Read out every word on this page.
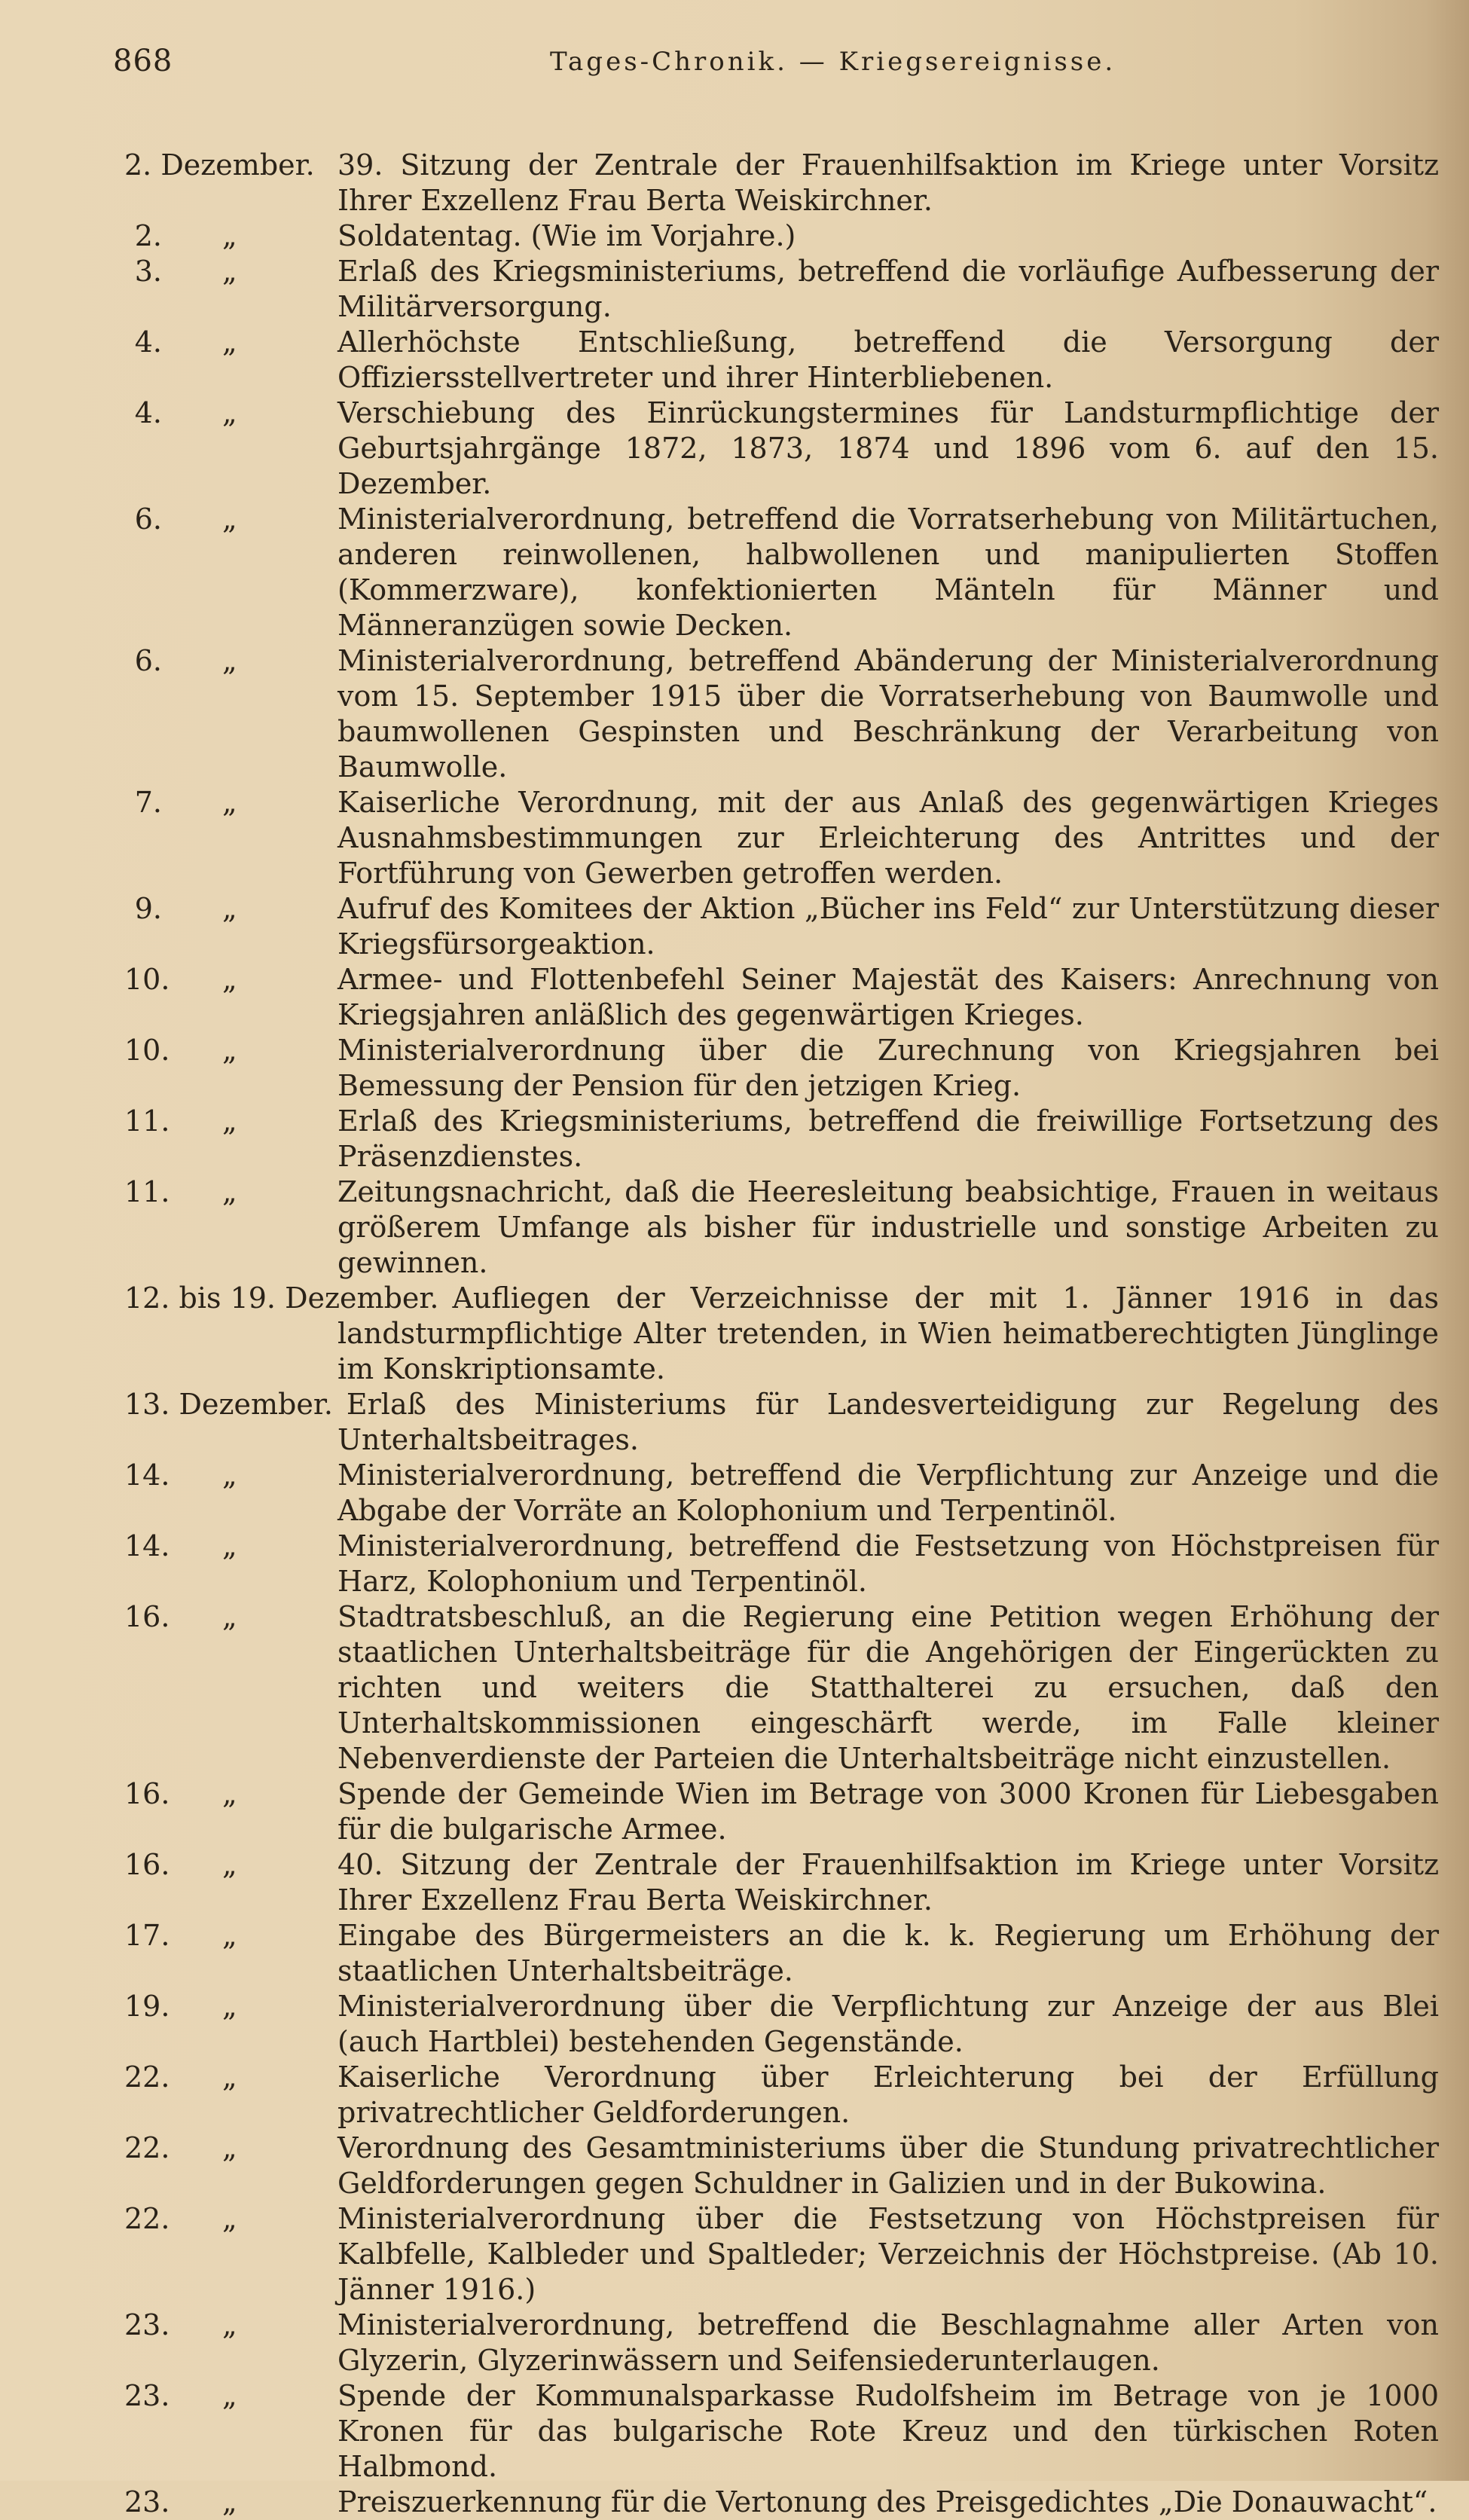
868	Tages-Chronik. — Kriegsereignisse.
2. Dezember. 39. Sitzung der Zentrale der Frauenhilfsaktion im Kriege unter Vorsitz Ihrer Exzellenz Frau Berta Weiskirchner.
2. „	Soldatentag. (Wie im Vorjahre.)
3. „	Erlaß des Kriegsministeriums, betreffend die vorläufige Aufbesserung der Militärversorgung.
4. „	Allerhöchste Entschließung, betreffend die Versorgung der Offiziersstellvertreter und ihrer Hinterbliebenen.
4. „	Verschiebung des Einrückungstermines für Landsturmpflichtige der Geburtsjahrgänge 1872, 1873, 1874 und 1896 vom 6. auf den 15. Dezember.
6. „	Ministerialverordnung, betreffend die Vorratserhebung von Militärtuchen, anderen reinwollenen, halbwollenen und manipulierten Stoffen (Kommerzware), konfektionierten Mänteln für Männer und Männeranzügen sowie Decken.
6. „	Ministerialverordnung, betreffend Abänderung der Ministerialverordnung vom 15. September 1915 über die Vorratserhebung von Baumwolle und baumwollenen Gespinsten und Beschränkung der Verarbeitung von Baumwolle.
7. „	Kaiserliche Verordnung, mit der aus Anlaß des gegenwärtigen Krieges Ausnahmsbestimmungen zur Erleichterung des Antrittes und der Fortführung von Gewerben getroffen werden.
9. „	Aufruf des Komitees der Aktion „Bücher ins Feld“ zur Unterstützung dieser Kriegsfürsorgeaktion.
10. „	Armee- und Flottenbefehl Seiner Majestät des Kaisers: Anrechnung von Kriegsjahren anläßlich des gegenwärtigen Krieges.
10. „	Ministerialverordnung über die Zurechnung von Kriegsjahren bei Bemessung der Pension für den jetzigen Krieg.
11. „	Erlaß des Kriegsministeriums, betreffend die freiwillige Fortsetzung des Präsenzdienstes.
11. „	Zeitungsnachricht, daß die Heeresleitung beabsichtige, Frauen in weitaus größerem Umfange als bisher für industrielle und sonstige Arbeiten zu gewinnen.
12. bis 19. Dezember. Aufliegen der Verzeichnisse der mit 1. Jänner 1916 in das landsturmpflichtige Alter tretenden, in Wien heimatberechtigten Jünglinge im Konskriptionsamte.
13. Dezember. Erlaß des Ministeriums für Landesverteidigung zur Regelung des Unterhaltsbeitrages.
14. „	Ministerialverordnung, betreffend die Verpflichtung zur Anzeige und die Abgabe der Vorräte an Kolophonium und Terpentinöl.
14. „	Ministerialverordnung, betreffend die Festsetzung von Höchstpreisen für Harz, Kolophonium und Terpentinöl.
16. „	Stadtratsbeschluß, an die Regierung eine Petition wegen Erhöhung der staatlichen Unterhaltsbeiträge für die Angehörigen der Eingerückten zu richten und weiters die Statthalterei zu ersuchen, daß den Unterhaltskommissionen eingeschärft werde, im Falle kleiner Nebenverdienste der Parteien die Unterhaltsbeiträge nicht einzustellen.
16. „	Spende der Gemeinde Wien im Betrage von 3000 Kronen für Liebesgaben für die bulgarische Armee.
16. „	40. Sitzung der Zentrale der Frauenhilfsaktion im Kriege unter Vorsitz Ihrer Exzellenz Frau Berta Weiskirchner.
17. „	Eingabe des Bürgermeisters an die k. k. Regierung um Erhöhung der staatlichen Unterhaltsbeiträge.
19. „	Ministerialverordnung über die Verpflichtung zur Anzeige der aus Blei (auch Hartblei) bestehenden Gegenstände.
22. „	Kaiserliche Verordnung über Erleichterung bei der Erfüllung privatrechtlicher Geldforderungen.
22. „	Verordnung des Gesamtministeriums über die Stundung privatrechtlicher Geldforderungen gegen Schuldner in Galizien und in der Bukowina.
22. „	Ministerialverordnung über die Festsetzung von Höchstpreisen für Kalbfelle, Kalbleder und Spaltleder; Verzeichnis der Höchstpreise. (Ab 10. Jänner 1916.)
23. „	Ministerialverordnung, betreffend die Beschlagnahme aller Arten von Glyzerin, Glyzerinwässern und Seifensiederunterlaugen.
23. „	Spende der Kommunalsparkasse Rudolfsheim im Betrage von je 1000 Kronen für das bulgarische Rote Kreuz und den türkischen Roten Halbmond.
23. „	Preiszuerkennung für die Vertonung des Preisgedichtes „Die Donauwacht“.
